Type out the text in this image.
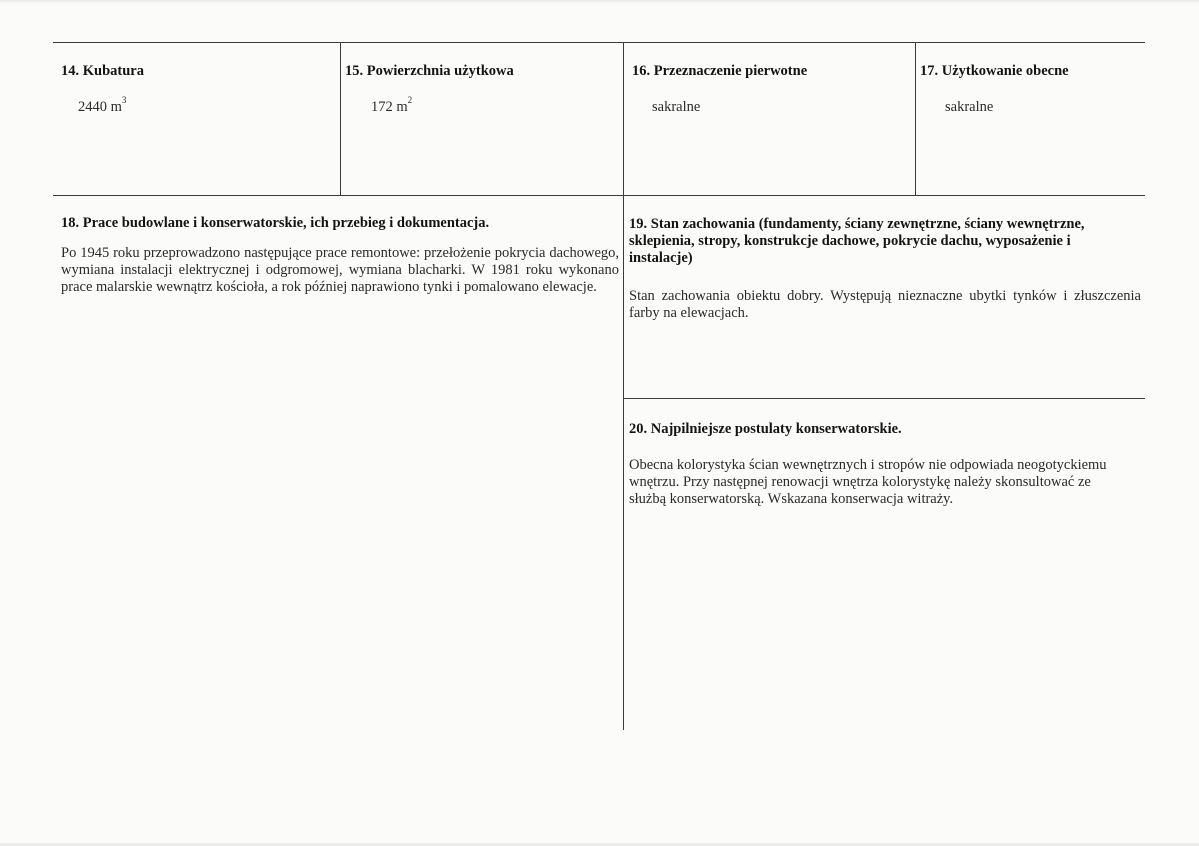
14. Kubatura
2440 $m^3$
15. Powierzchnia użytkowa
172 $m^2$
16. Przeznaczenie pierwotne
sakralne
17. Użytkowanie obecne
sakralne
18. Prace budowlane i konserwatorskie, ich przebieg i dokumentacja.
Po 1945 roku przeprowadzono następujące prace remontowe: przełożenie pokrycia dachowego, wymiana instalacji elektrycznej i odgromowej, wymiana blacharki. W 1981 roku wykonano prace malarskie wewnątrz kościoła, a rok później naprawiono tynki i pomalowano elewacje.
19. Stan zachowania (fundamenty, ściany zewnętrzne, ściany wewnętrzne, sklepienia, stropy, konstrukcje dachowe, pokrycie dachu, wyposażenie i instalacje)
Stan zachowania obiektu dobry. Występują nieznaczne ubytki tynków i złuszczenia farby na elewacjach.
20. Najpilniejsze postulaty konserwatorskie.
Obecna kolorystyka ścian wewnętrznych i stropów nie odpowiada neogotyckiemu wnętrzu. Przy następnej renowacji wnętrza kolorystykę należy skonsultować ze służbą konserwatorską. Wskazana konserwacja witraży.
